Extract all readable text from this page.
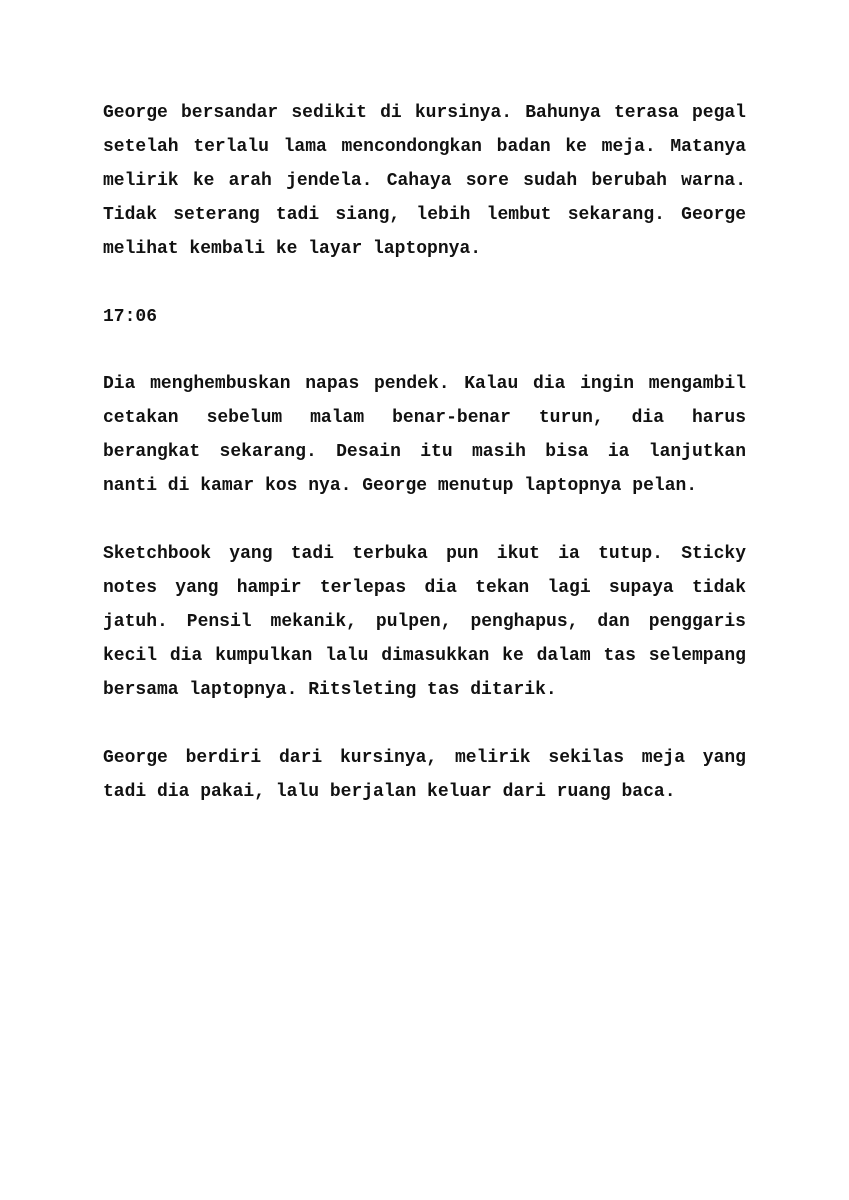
George bersandar sedikit di kursinya. Bahunya terasa pegal setelah terlalu lama mencondongkan badan ke meja. Matanya melirik ke arah jendela. Cahaya sore sudah berubah warna. Tidak seterang tadi siang, lebih lembut sekarang. George melihat kembali ke layar laptopnya.

17:06

Dia menghembuskan napas pendek. Kalau dia ingin mengambil cetakan sebelum malam benar-benar turun, dia harus berangkat sekarang. Desain itu masih bisa ia lanjutkan nanti di kamar kos nya. George menutup laptopnya pelan.

Sketchbook yang tadi terbuka pun ikut ia tutup. Sticky notes yang hampir terlepas dia tekan lagi supaya tidak jatuh. Pensil mekanik, pulpen, penghapus, dan penggaris kecil dia kumpulkan lalu dimasukkan ke dalam tas selempang bersama laptopnya. Ritsleting tas ditarik.

George berdiri dari kursinya, melirik sekilas meja yang tadi dia pakai, lalu berjalan keluar dari ruang baca.
